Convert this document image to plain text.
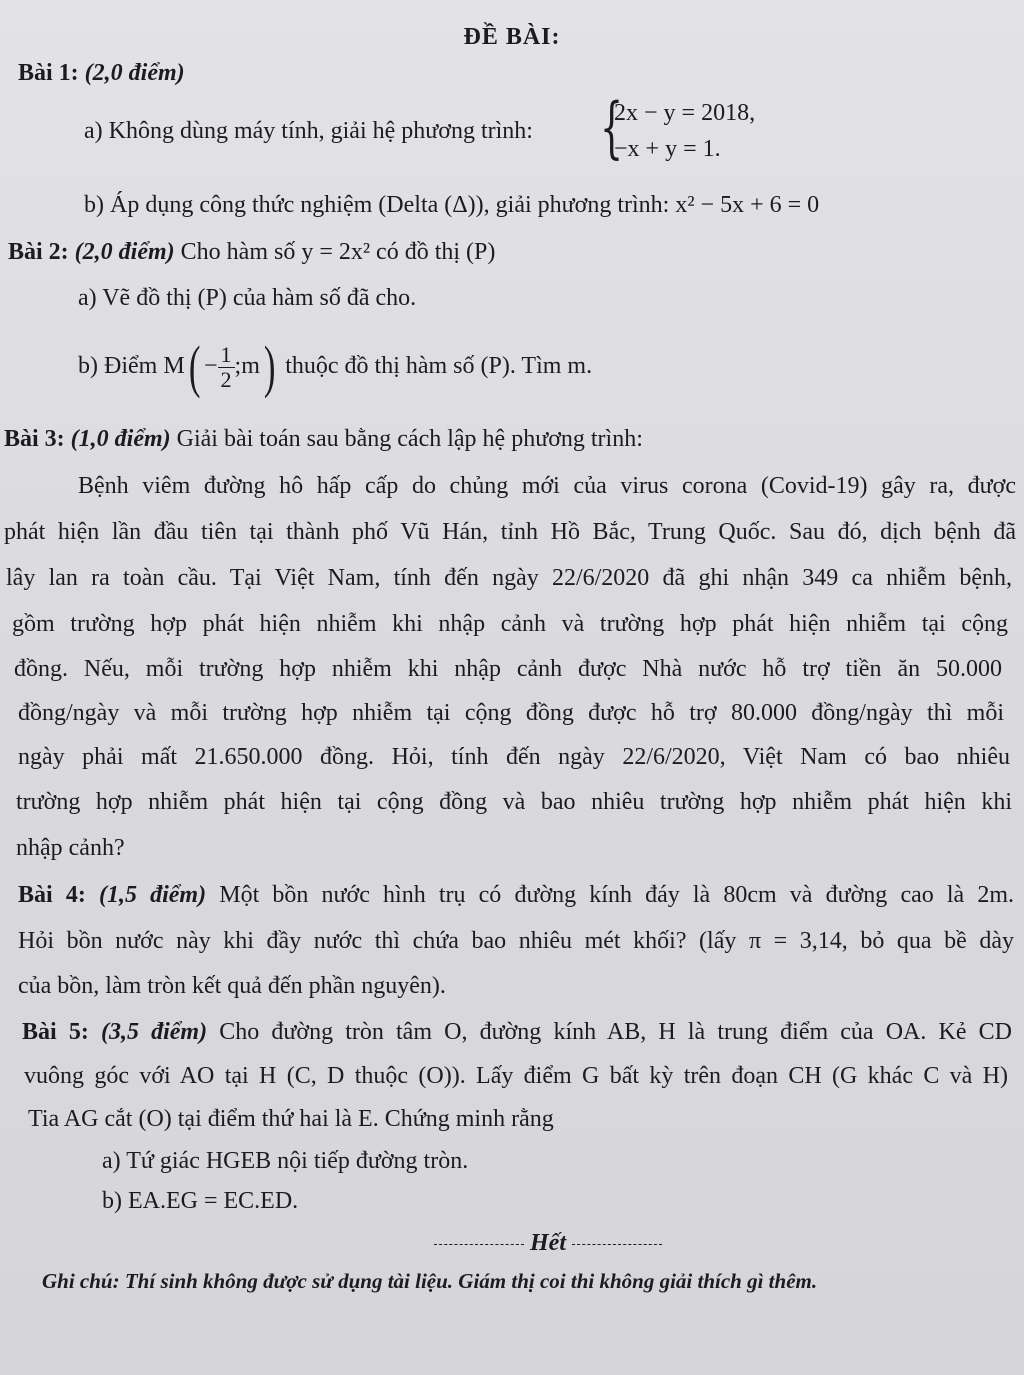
ĐỀ BÀI:
Bài 1: (2,0 điểm)
a) Không dùng máy tính, giải hệ phương trình: {
2x − y = 2018,
−x + y = 1.
b) Áp dụng công thức nghiệm (Delta (Δ)), giải phương trình: x² − 5x + 6 = 0
Bài 2: (2,0 điểm) Cho hàm số y = 2x² có đồ thị (P)
a) Vẽ đồ thị (P) của hàm số đã cho.
b) Điểm $M( - \frac{1}{2}$ ;m) thuộc đồ thị hàm số (P). Tìm m.
Bài 3: (1,0 điểm) Giải bài toán sau bằng cách lập hệ phương trình:
Bệnh viêm đường hô hấp cấp do chủng mới của virus corona (Covid-19) gây ra, được
phát hiện lần đầu tiên tại thành phố Vũ Hán, tỉnh Hồ Bắc, Trung Quốc. Sau đó, dịch bệnh đã
lây lan ra toàn cầu. Tại Việt Nam, tính đến ngày 22/6/2020 đã ghi nhận 349 ca nhiễm bệnh,
gồm trường hợp phát hiện nhiễm khi nhập cảnh và trường hợp phát hiện nhiễm tại cộng
đồng. Nếu, mỗi trường hợp nhiễm khi nhập cảnh được Nhà nước hỗ trợ tiền ăn 50.000
đồng/ngày và mỗi trường hợp nhiễm tại cộng đồng được hỗ trợ 80.000 đồng/ngày thì mỗi
ngày phải mất 21.650.000 đồng. Hỏi, tính đến ngày 22/6/2020, Việt Nam có bao nhiêu
trường hợp nhiễm phát hiện tại cộng đồng và bao nhiêu trường hợp nhiễm phát hiện khi
nhập cảnh?
Bài 4: (1,5 điểm) Một bồn nước hình trụ có đường kính đáy là 80cm và đường cao là 2m.
Hỏi bồn nước này khi đầy nước thì chứa bao nhiêu mét khối? (lấy π = 3,14, bỏ qua bề dày
của bồn, làm tròn kết quả đến phần nguyên).
Bài 5: (3,5 điểm) Cho đường tròn tâm O, đường kính AB, H là trung điểm của OA. Kẻ CD
vuông góc với AO tại H (C, D thuộc (O)). Lấy điểm G bất kỳ trên đoạn CH (G khác C và H)
Tia AG cắt (O) tại điểm thứ hai là E. Chứng minh rằng
a) Tứ giác HGEB nội tiếp đường tròn.
b) EA.EG = EC.ED.
Hết
Ghi chú: Thí sinh không được sử dụng tài liệu. Giám thị coi thi không giải thích gì thêm.
